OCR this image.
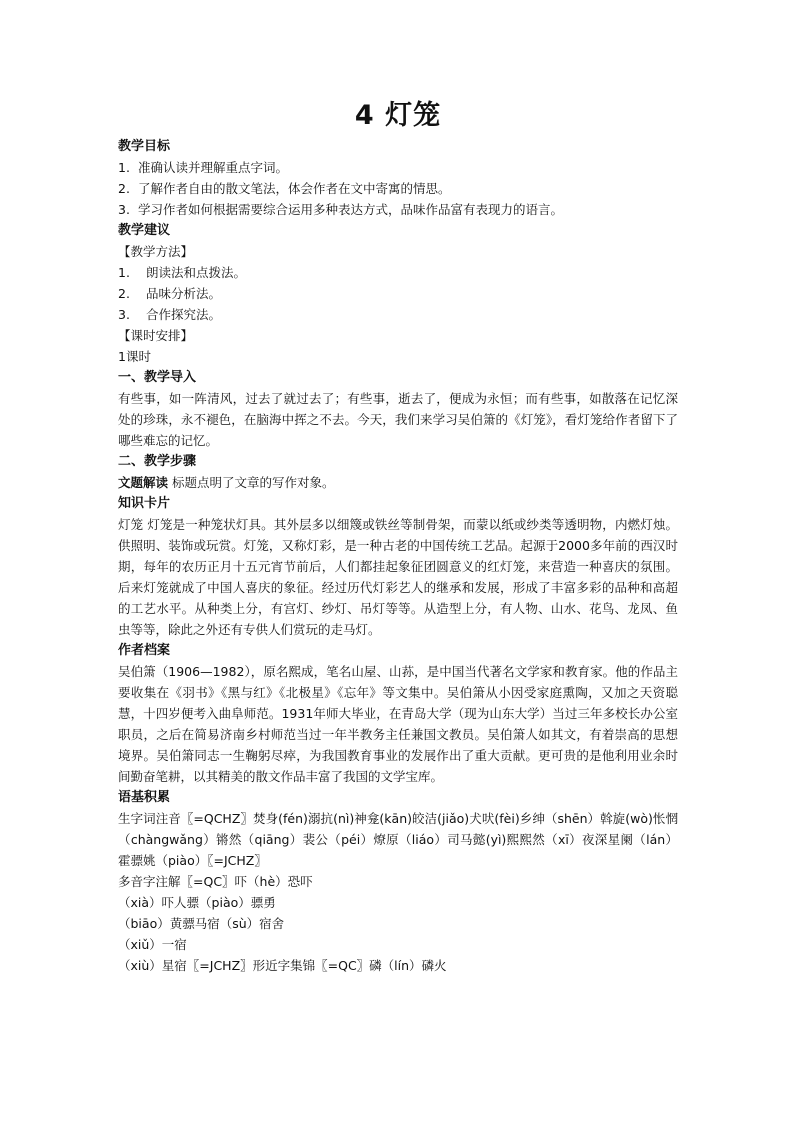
4 灯笼
教学目标
1. 准确认读并理解重点字词。
2. 了解作者自由的散文笔法，体会作者在文中寄寓的情思。
3. 学习作者如何根据需要综合运用多种表达方式，品味作品富有表现力的语言。
教学建议
【教学方法】
1. 朗读法和点拨法。
2. 品味分析法。
3. 合作探究法。
【课时安排】
1课时
一、教学导入
有些事，如一阵清风，过去了就过去了；有些事，逝去了，便成为永恒；而有些事，如散落在记忆深处的珍珠，永不褪色，在脑海中挥之不去。今天，我们来学习吴伯箫的《灯笼》，看灯笼给作者留下了哪些难忘的记忆。
二、教学步骤
文题解读 标题点明了文章的写作对象。
知识卡片
灯笼 灯笼是一种笼状灯具。其外层多以细篾或铁丝等制骨架，而蒙以纸或纱类等透明物，内燃灯烛。供照明、装饰或玩赏。灯笼，又称灯彩，是一种古老的中国传统工艺品。起源于2000多年前的西汉时期，每年的农历正月十五元宵节前后，人们都挂起象征团圆意义的红灯笼，来营造一种喜庆的氛围。后来灯笼就成了中国人喜庆的象征。经过历代灯彩艺人的继承和发展，形成了丰富多彩的品种和高超的工艺水平。从种类上分，有宫灯、纱灯、吊灯等等。从造型上分，有人物、山水、花鸟、龙凤、鱼虫等等，除此之外还有专供人们赏玩的走马灯。
作者档案
吴伯箫（1906—1982），原名熙成，笔名山屋、山荪，是中国当代著名文学家和教育家。他的作品主要收集在《羽书》《黑与红》《北极星》《忘年》等文集中。吴伯箫从小因受家庭熏陶，又加之天资聪慧，十四岁便考入曲阜师范。1931年师大毕业，在青岛大学（现为山东大学）当过三年多校长办公室职员，之后在简易济南乡村师范当过一年半教务主任兼国文教员。吴伯箫人如其文，有着崇高的思想境界。吴伯箫同志一生鞠躬尽瘁，为我国教育事业的发展作出了重大贡献。更可贵的是他利用业余时间勤奋笔耕，以其精美的散文作品丰富了我国的文学宝库。
语基积累
生字词注音〖=QCHZ〗焚身(fén)溺抗(nì)神龛(kān)皎洁(jiǎo)犬吠(fèi)乡绅（shēn）斡旋(wò)怅惘（chàngwǎng）锵然（qiāng）裴公（péi）燎原（liáo）司马懿(yì)熙熙然（xī）夜深星阑（lán）霍骠姚（piào）〖=JCHZ〗
多音字注解〖=QC〗吓（hè）恐吓
（xià）吓人骠（piào）骠勇
（biāo）黄骠马宿（sù）宿舍
（xiǔ）一宿
（xiù）星宿〖=JCHZ〗形近字集锦〖=QC〗磷（lín）磷火
